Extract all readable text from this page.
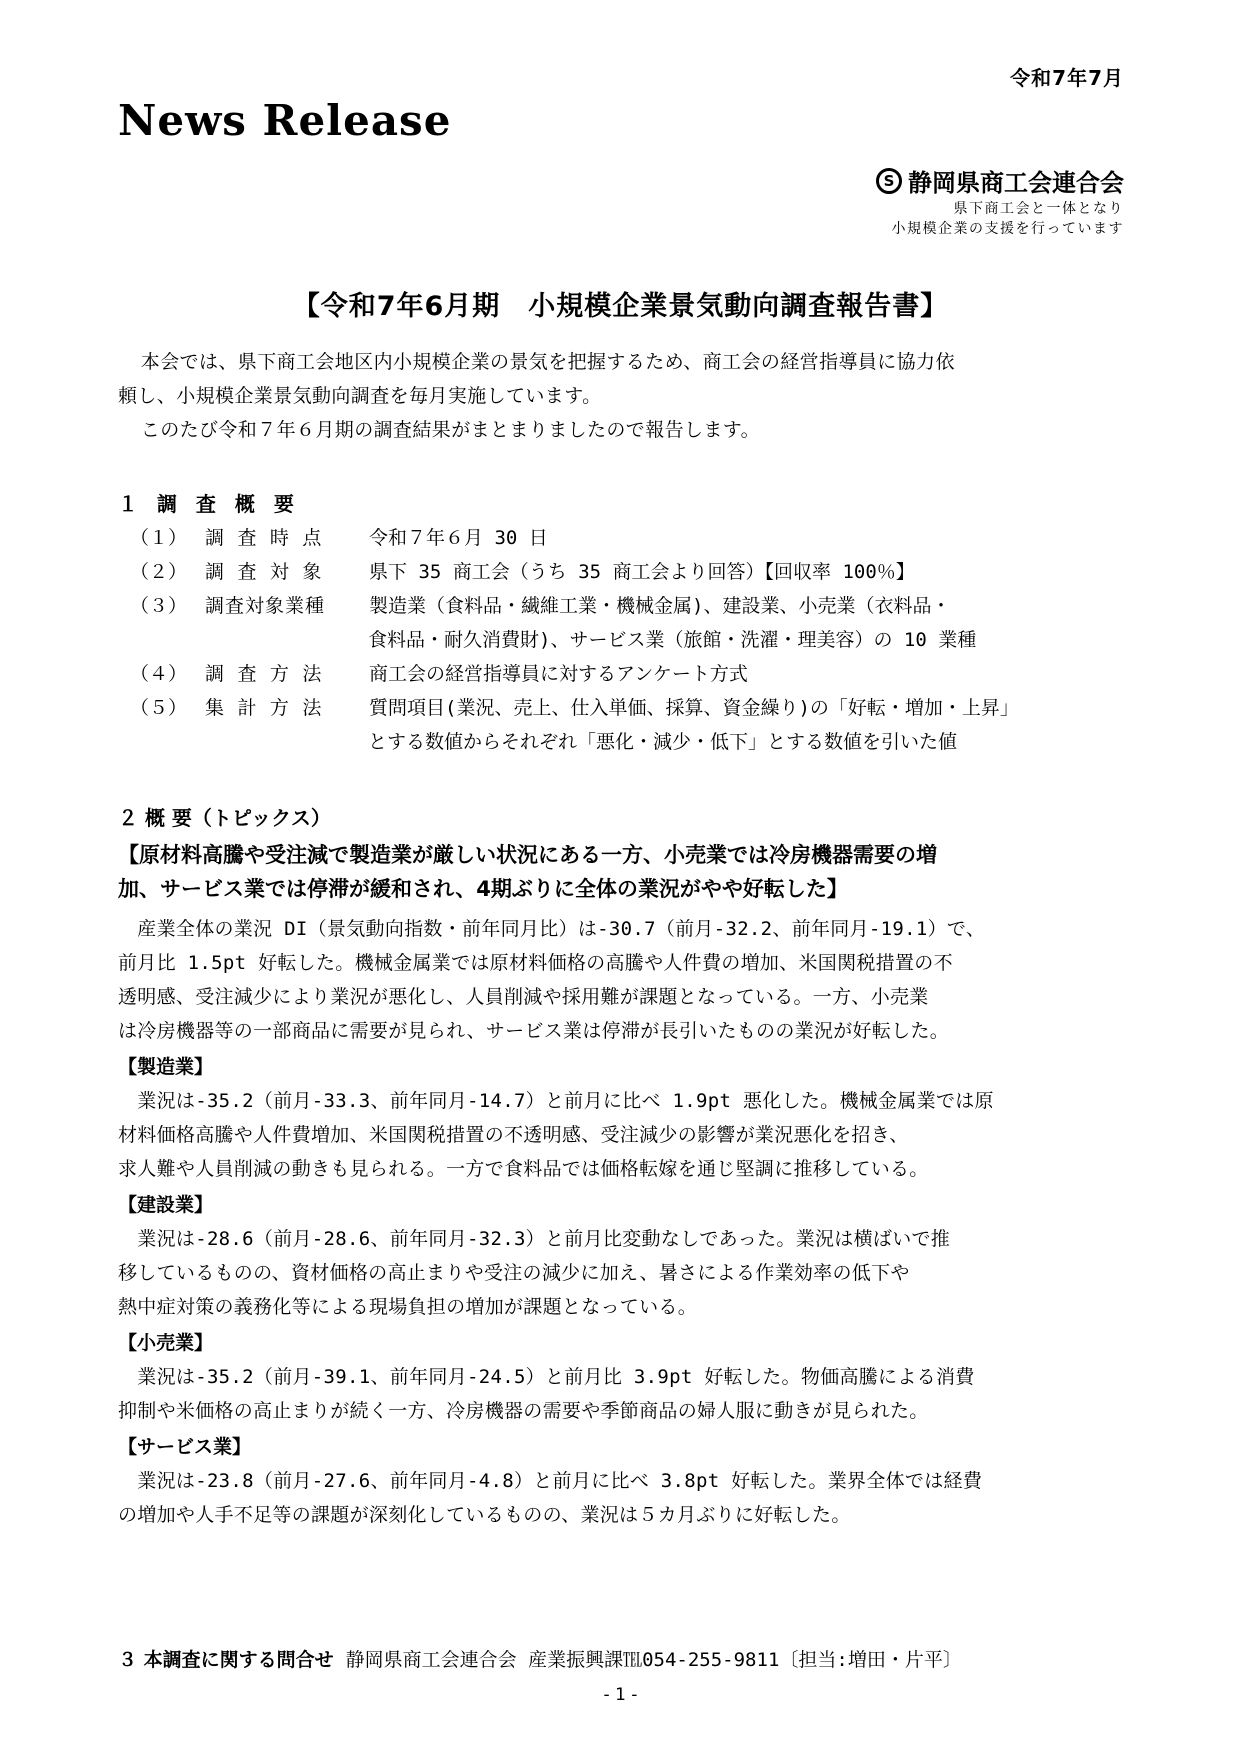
令和7年7月
News Release
S 静岡県商工会連合会
県下商工会と一体となり
小規模企業の支援を行っています
【令和7年6月期　小規模企業景気動向調査報告書】
本会では、県下商工会地区内小規模企業の景気を把握するため、商工会の経営指導員に協力依
頼し、小規模企業景気動向調査を毎月実施しています。
このたび令和７年６月期の調査結果がまとまりましたので報告します。
１ 調 査 概 要
（１） 調 査 時 点 令和７年６月 30 日
（２） 調 査 対 象 県下 35 商工会（うち 35 商工会より回答）【回収率 100％】
（３） 調査対象業種 製造業（食料品・繊維工業・機械金属)、建設業、小売業（衣料品・
食料品・耐久消費財)、サービス業（旅館・洗濯・理美容）の 10 業種
（４） 調 査 方 法 商工会の経営指導員に対するアンケート方式
（５） 集 計 方 法 質問項目(業況、売上、仕入単価、採算、資金繰り)の「好転・増加・上昇」
とする数値からそれぞれ「悪化・減少・低下」とする数値を引いた値
２ 概 要（トピックス）
【原材料高騰や受注減で製造業が厳しい状況にある一方、小売業では冷房機器需要の増
加、サービス業では停滞が緩和され、4期ぶりに全体の業況がやや好転した】
　産業全体の業況 DI（景気動向指数・前年同月比）は-30.7（前月-32.2、前年同月-19.1）で、
前月比 1.5pt 好転した。機械金属業では原材料価格の高騰や人件費の増加、米国関税措置の不
透明感、受注減少により業況が悪化し、人員削減や採用難が課題となっている。一方、小売業
は冷房機器等の一部商品に需要が見られ、サービス業は停滞が長引いたものの業況が好転した。
【製造業】
　業況は-35.2（前月-33.3、前年同月-14.7）と前月に比べ 1.9pt 悪化した。機械金属業では原
材料価格高騰や人件費増加、米国関税措置の不透明感、受注減少の影響が業況悪化を招き、
求人難や人員削減の動きも見られる。一方で食料品では価格転嫁を通じ堅調に推移している。
【建設業】
　業況は-28.6（前月-28.6、前年同月-32.3）と前月比変動なしであった。業況は横ばいで推
移しているものの、資材価格の高止まりや受注の減少に加え、暑さによる作業効率の低下や
熱中症対策の義務化等による現場負担の増加が課題となっている。
【小売業】
　業況は-35.2（前月-39.1、前年同月-24.5）と前月比 3.9pt 好転した。物価高騰による消費
抑制や米価格の高止まりが続く一方、冷房機器の需要や季節商品の婦人服に動きが見られた。
【サービス業】
　業況は-23.8（前月-27.6、前年同月-4.8）と前月に比べ 3.8pt 好転した。業界全体では経費
の増加や人手不足等の課題が深刻化しているものの、業況は５カ月ぶりに好転した。
３ 本調査に関する問合せ 静岡県商工会連合会 産業振興課℡054-255-9811〔担当:増田・片平〕
- 1 -
